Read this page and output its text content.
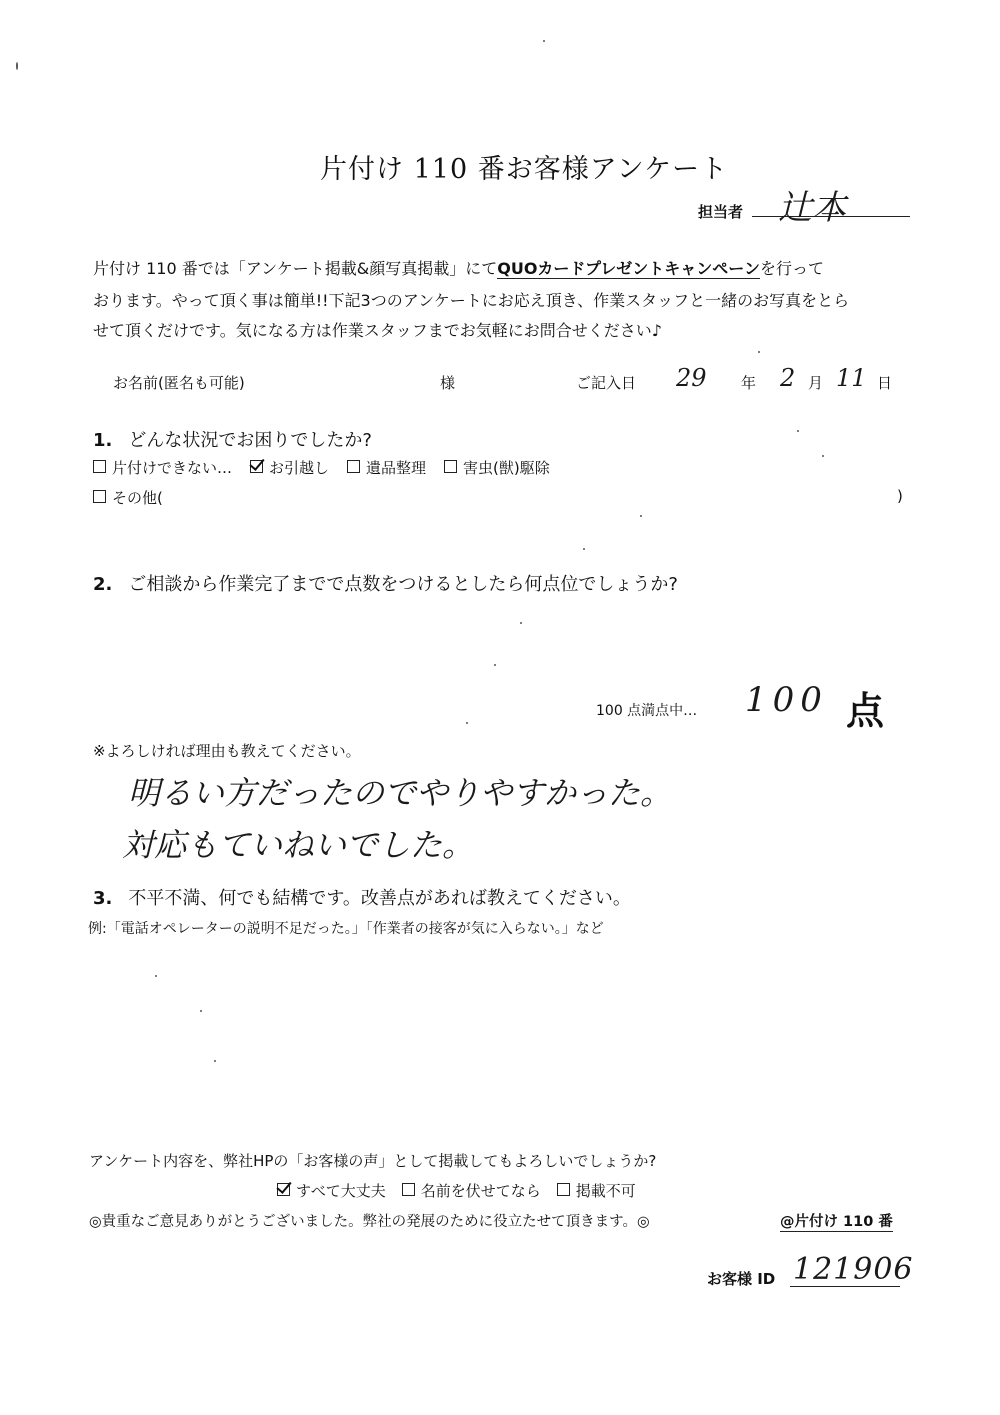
片付け 110 番お客様アンケート
担当者 辻本
片付け 110 番では「アンケート掲載&顔写真掲載」にてQUOカードプレゼントキャンペーンを行って
おります。やって頂く事は簡単!!下記3つのアンケートにお応え頂き、作業スタッフと一緒のお写真をとら
せて頂くだけです。気になる方は作業スタッフまでお気軽にお問合せください♪
お名前(匿名も可能)	様	ご記入日 29 年 2 月 11 日
1. どんな状況でお困りでしたか?
片付けできない… お引越し 遺品整理 害虫(獣)駆除
その他(	)
2. ご相談から作業完了までで点数をつけるとしたら何点位でしょうか?
100 点満点中… 100 点
※よろしければ理由も教えてください。
明るい方だったのでやりやすかった。
対応もていねいでした。
3. 不平不満、何でも結構です。改善点があれば教えてください。
例:「電話オペレーターの説明不足だった。」「作業者の接客が気に入らない。」など
アンケート内容を、弊社HPの「お客様の声」として掲載してもよろしいでしょうか?
すべて大丈夫 名前を伏せてなら 掲載不可
◎貴重なご意見ありがとうございました。弊社の発展のために役立たせて頂きます。◎	@片付け 110 番
お客様 ID 121906
